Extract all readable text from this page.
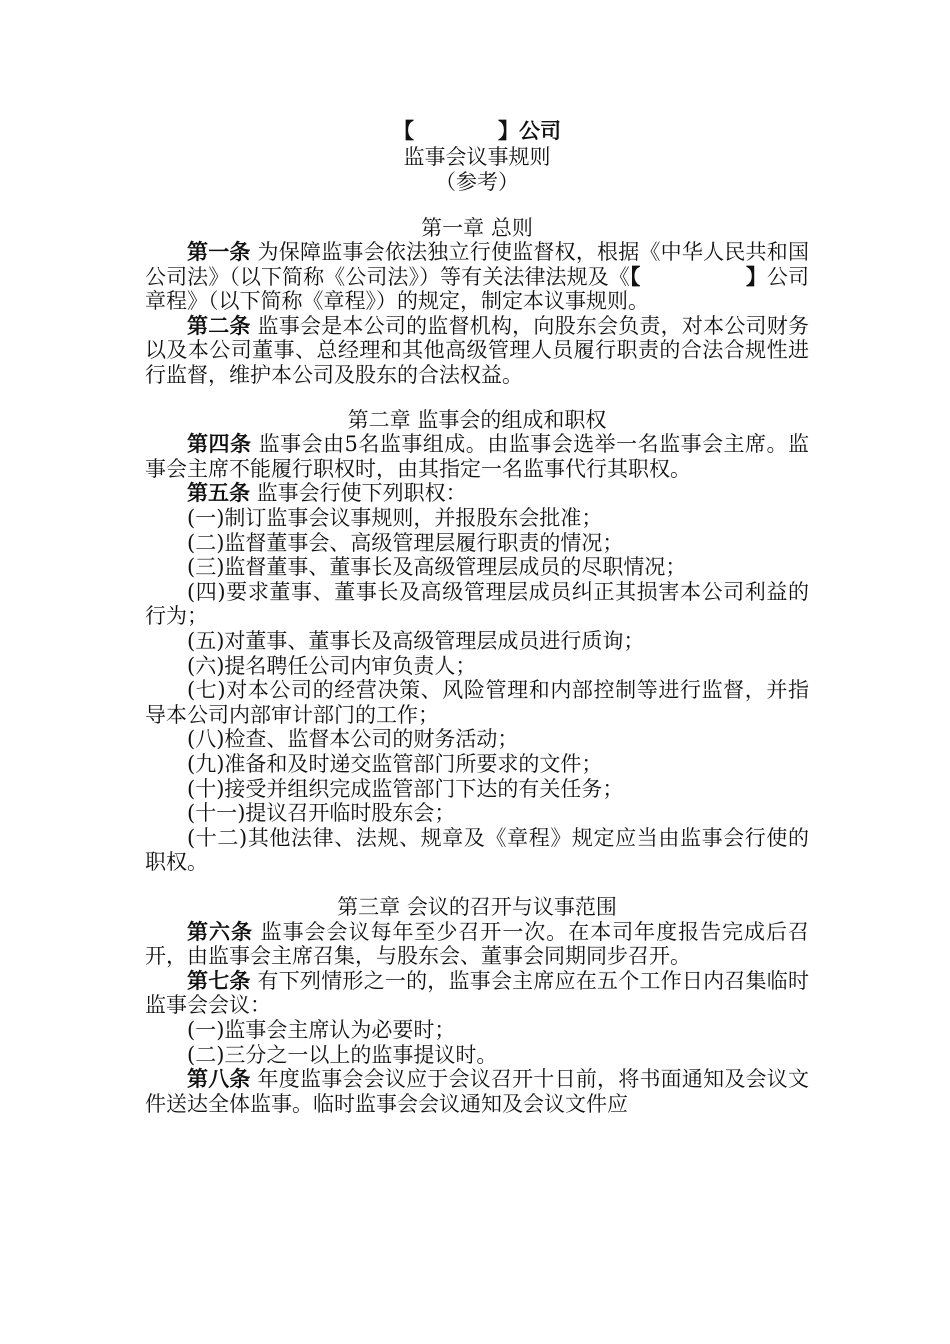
【　　　　	】公司
监事会议事规则
（参考）
第一章 总则

第一条 为保障监事会依法独立行使监督权，根据《中华人民共和国公司法》（以下简称《公司法》）等有关法律法规及《【　　　　　	】公司章程》（以下简称《章程》）的规定，制定本议事规则。

第二条 监事会是本公司的监督机构，向股东会负责，对本公司财务以及本公司董事、总经理和其他高级管理人员履行职责的合法合规性进行监督，维护本公司及股东的合法权益。

第二章 监事会的组成和职权

第四条 监事会由5名监事组成。由监事会选举一名监事会主席。监事会主席不能履行职权时，由其指定一名监事代行其职权。

第五条 监事会行使下列职权：

(一)制订监事会议事规则，并报股东会批准；

(二)监督董事会、高级管理层履行职责的情况；

(三)监督董事、董事长及高级管理层成员的尽职情况；

(四)要求董事、董事长及高级管理层成员纠正其损害本公司利益的行为；

(五)对董事、董事长及高级管理层成员进行质询；

(六)提名聘任公司内审负责人；

(七)对本公司的经营决策、风险管理和内部控制等进行监督，并指导本公司内部审计部门的工作；

(八)检查、监督本公司的财务活动；

(九)准备和及时递交监管部门所要求的文件；

(十)接受并组织完成监管部门下达的有关任务；

(十一)提议召开临时股东会；

(十二)其他法律、法规、规章及《章程》规定应当由监事会行使的职权。

第三章 会议的召开与议事范围

第六条 监事会会议每年至少召开一次。在本司年度报告完成后召开，由监事会主席召集，与股东会、董事会同期同步召开。

第七条 有下列情形之一的，监事会主席应在五个工作日内召集临时监事会会议：

(一)监事会主席认为必要时；

(二)三分之一以上的监事提议时。

第八条 年度监事会会议应于会议召开十日前，将书面通知及会议文件送达全体监事。临时监事会会议通知及会议文件应
